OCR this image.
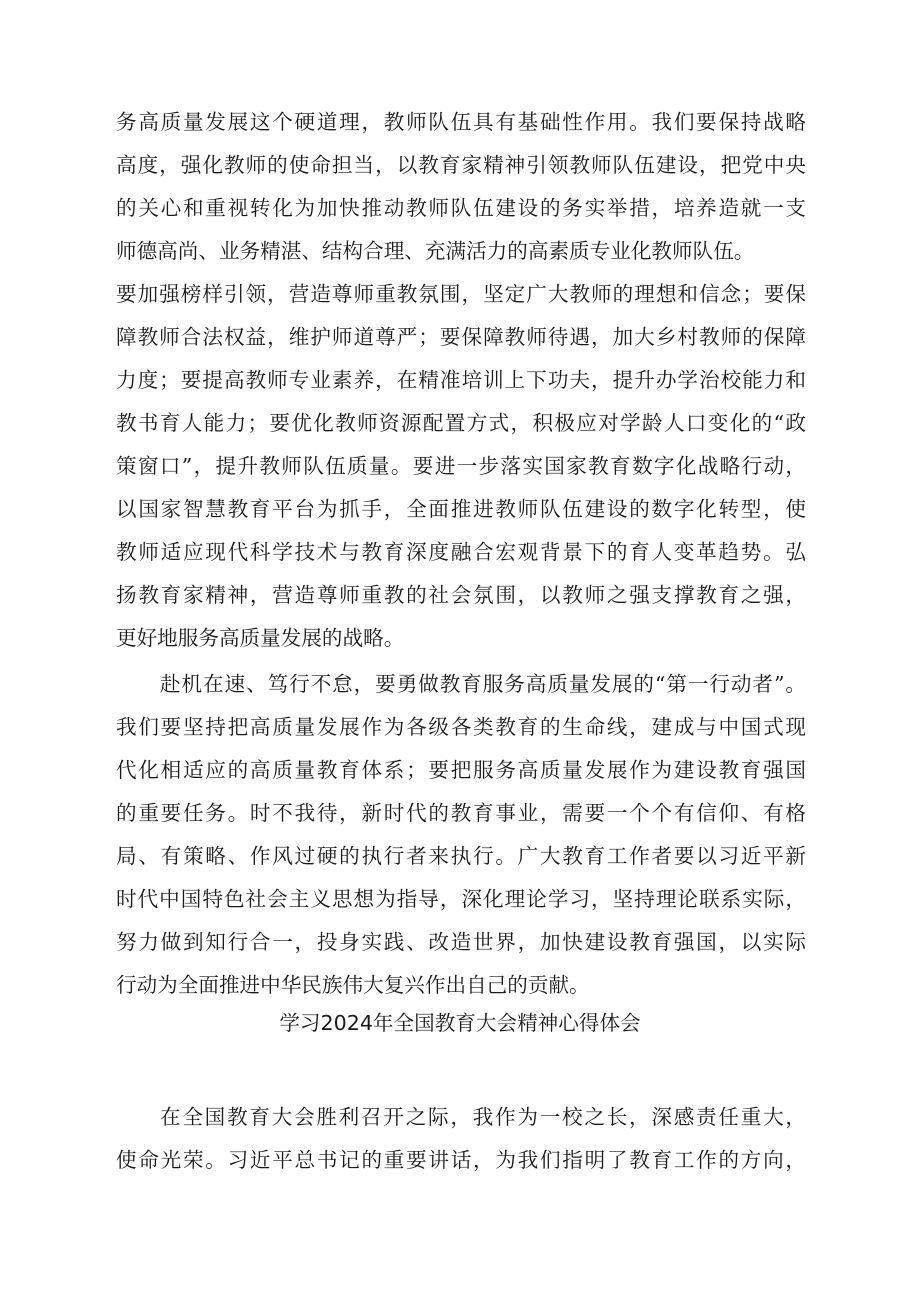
务高质量发展这个硬道理，教师队伍具有基础性作用。我们要保持战略
高度，强化教师的使命担当，以教育家精神引领教师队伍建设，把党中央
的关心和重视转化为加快推动教师队伍建设的务实举措，培养造就一支
师德高尚、业务精湛、结构合理、充满活力的高素质专业化教师队伍。
要加强榜样引领，营造尊师重教氛围，坚定广大教师的理想和信念；要保
障教师合法权益，维护师道尊严；要保障教师待遇，加大乡村教师的保障
力度；要提高教师专业素养，在精准培训上下功夫，提升办学治校能力和
教书育人能力；要优化教师资源配置方式，积极应对学龄人口变化的“政
策窗口”，提升教师队伍质量。要进一步落实国家教育数字化战略行动，
以国家智慧教育平台为抓手，全面推进教师队伍建设的数字化转型，使
教师适应现代科学技术与教育深度融合宏观背景下的育人变革趋势。弘
扬教育家精神，营造尊师重教的社会氛围，以教师之强支撑教育之强，
更好地服务高质量发展的战略。
赴机在速、笃行不怠，要勇做教育服务高质量发展的“第一行动者”。
我们要坚持把高质量发展作为各级各类教育的生命线，建成与中国式现
代化相适应的高质量教育体系；要把服务高质量发展作为建设教育强国
的重要任务。时不我待，新时代的教育事业，需要一个个有信仰、有格
局、有策略、作风过硬的执行者来执行。广大教育工作者要以习近平新
时代中国特色社会主义思想为指导，深化理论学习，坚持理论联系实际，
努力做到知行合一，投身实践、改造世界，加快建设教育强国，以实际
行动为全面推进中华民族伟大复兴作出自己的贡献。
学习2024年全国教育大会精神心得体会
在全国教育大会胜利召开之际，我作为一校之长，深感责任重大，
使命光荣。习近平总书记的重要讲话，为我们指明了教育工作的方向，
